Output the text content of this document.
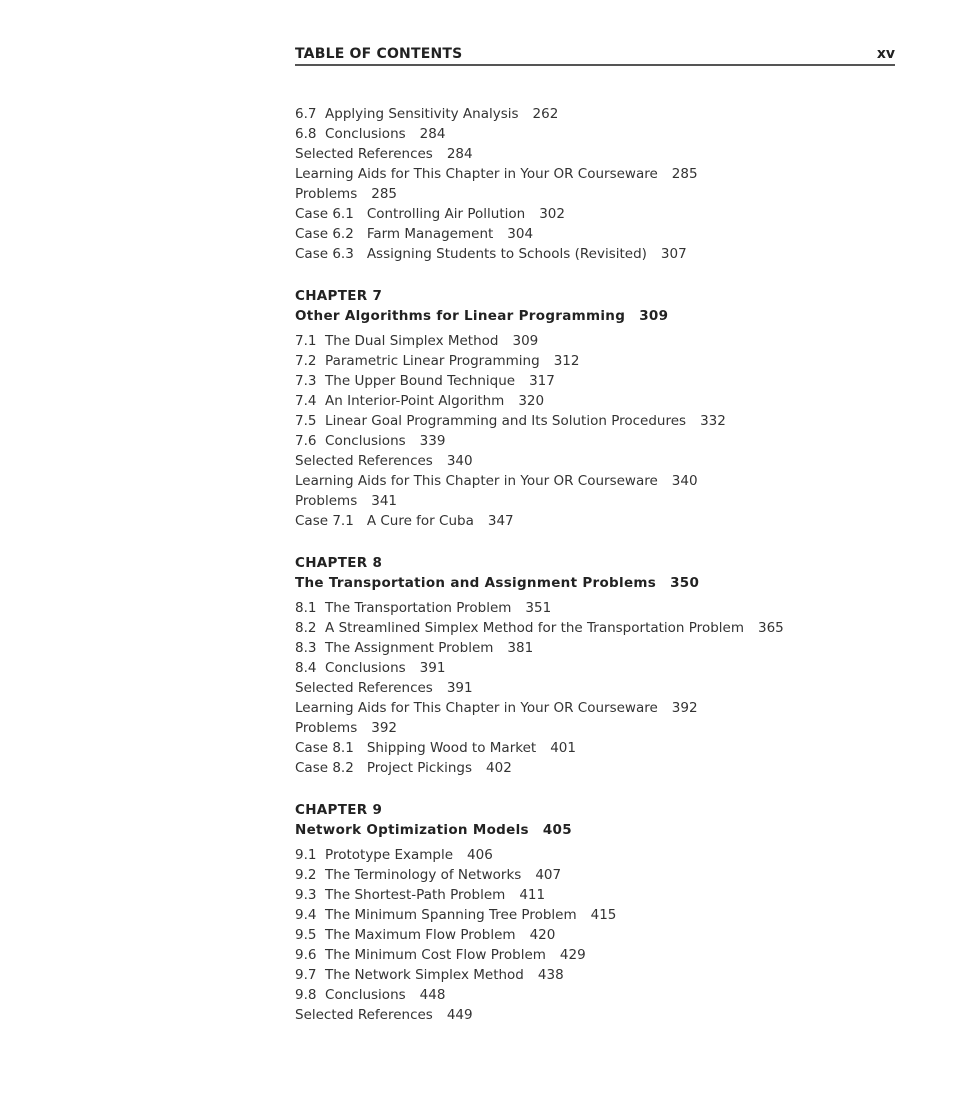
TABLE OF CONTENTS	xv
6.7  Applying Sensitivity Analysis 262
6.8  Conclusions 284
Selected References 284
Learning Aids for This Chapter in Your OR Courseware 285
Problems 285
Case 6.1 Controlling Air Pollution 302
Case 6.2 Farm Management 304
Case 6.3 Assigning Students to Schools (Revisited) 307
CHAPTER 7
Other Algorithms for Linear Programming 309
7.1  The Dual Simplex Method 309
7.2  Parametric Linear Programming 312
7.3  The Upper Bound Technique 317
7.4  An Interior-Point Algorithm 320
7.5  Linear Goal Programming and Its Solution Procedures 332
7.6  Conclusions 339
Selected References 340
Learning Aids for This Chapter in Your OR Courseware 340
Problems 341
Case 7.1 A Cure for Cuba 347
CHAPTER 8
The Transportation and Assignment Problems 350
8.1  The Transportation Problem 351
8.2  A Streamlined Simplex Method for the Transportation Problem 365
8.3  The Assignment Problem 381
8.4  Conclusions 391
Selected References 391
Learning Aids for This Chapter in Your OR Courseware 392
Problems 392
Case 8.1 Shipping Wood to Market 401
Case 8.2 Project Pickings 402
CHAPTER 9
Network Optimization Models 405
9.1  Prototype Example 406
9.2  The Terminology of Networks 407
9.3  The Shortest-Path Problem 411
9.4  The Minimum Spanning Tree Problem 415
9.5  The Maximum Flow Problem 420
9.6  The Minimum Cost Flow Problem 429
9.7  The Network Simplex Method 438
9.8  Conclusions 448
Selected References 449
